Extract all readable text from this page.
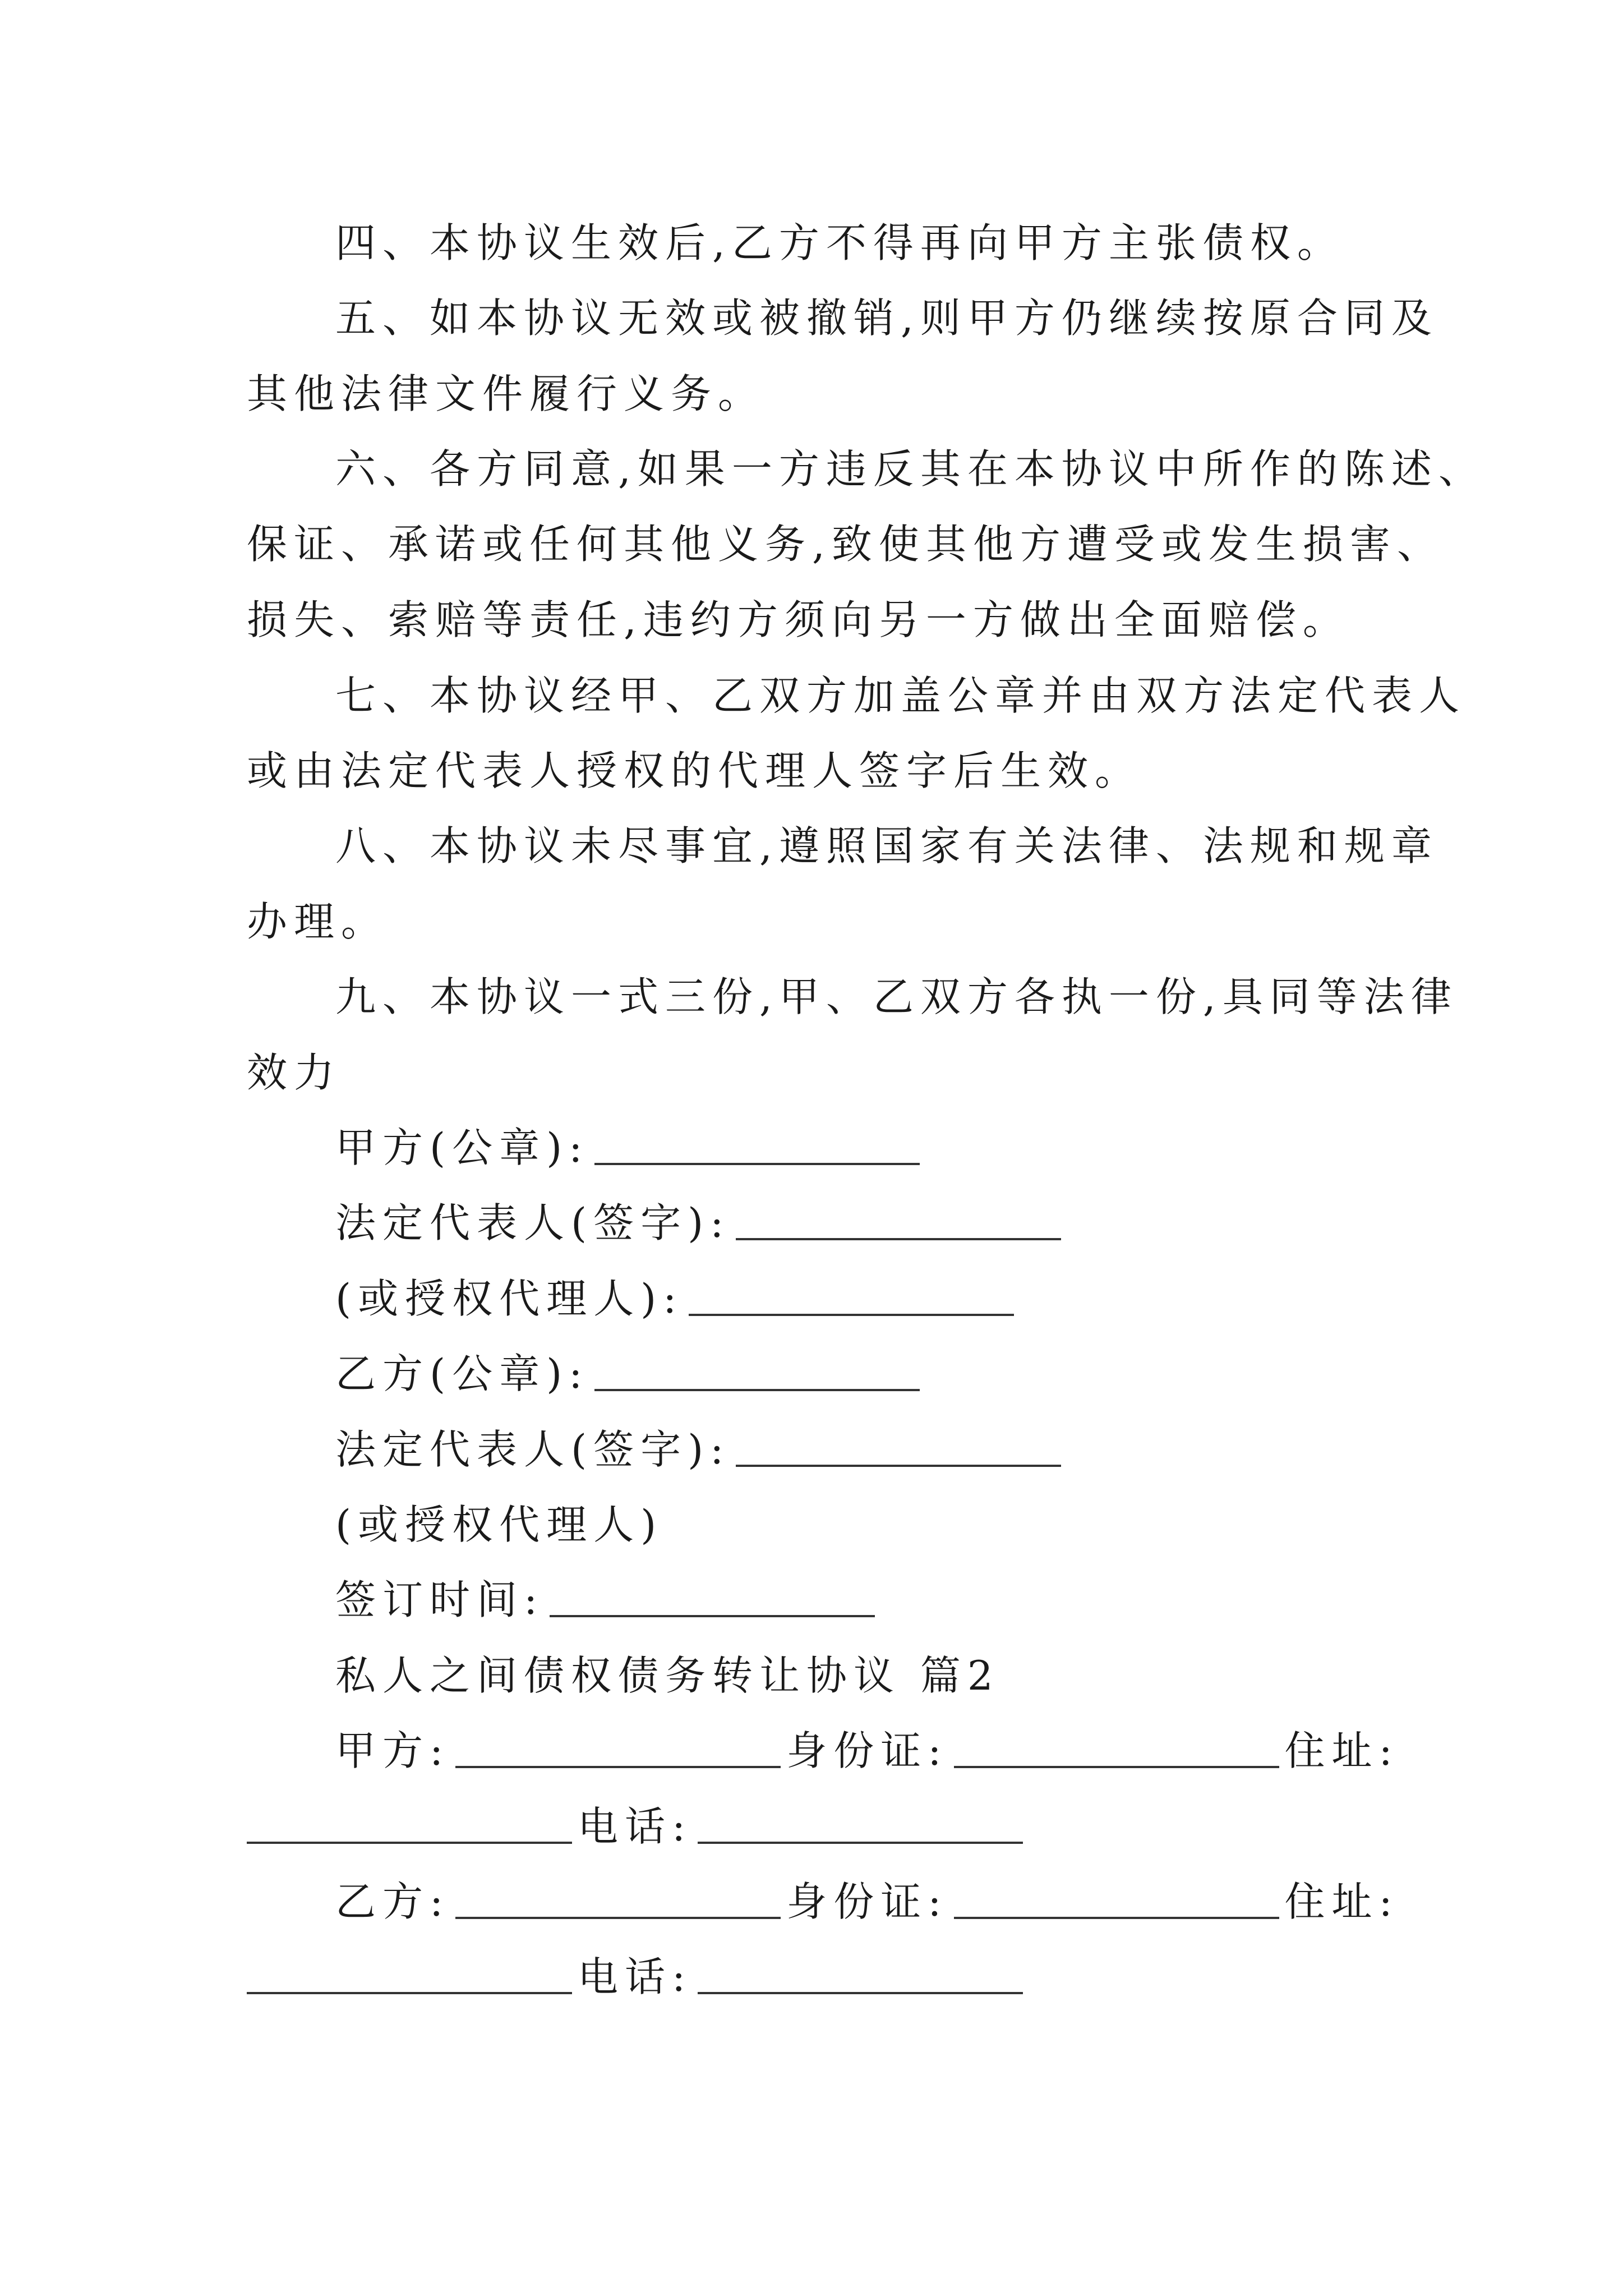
四、本协议生效后,乙方不得再向甲方主张债权。
五、如本协议无效或被撤销,则甲方仍继续按原合同及
其他法律文件履行义务。
六、各方同意,如果一方违反其在本协议中所作的陈述、
保证、承诺或任何其他义务,致使其他方遭受或发生损害、
损失、索赔等责任,违约方须向另一方做出全面赔偿。
七、本协议经甲、乙双方加盖公章并由双方法定代表人
或由法定代表人授权的代理人签字后生效。
八、本协议未尽事宜,遵照国家有关法律、法规和规章
办理。
九、本协议一式三份,甲、乙双方各执一份,具同等法律
效力
甲方(公章):
法定代表人(签字):
(或授权代理人):
乙方(公章):
法定代表人(签字):
(或授权代理人)
签订时间:
私人之间债权债务转让协议 篇2
甲方:	身份证:	住址:
电话:
乙方:	身份证:	住址:
电话:
